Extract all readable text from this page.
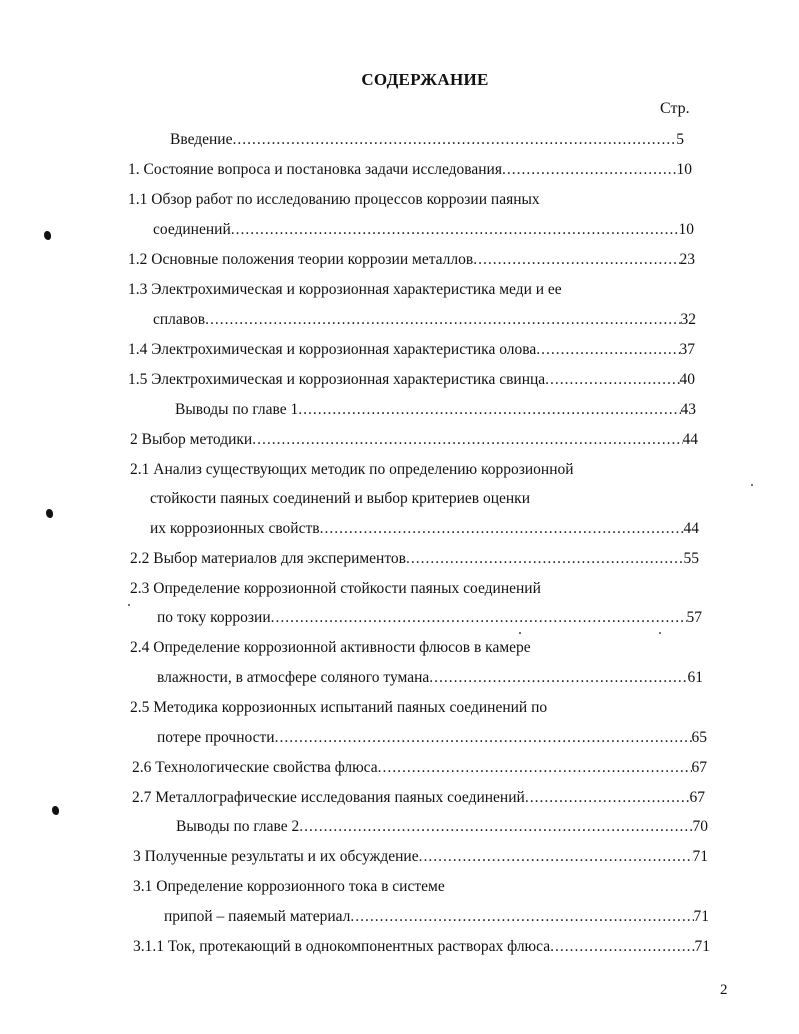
СОДЕРЖАНИЕ
Стр.
Введение .....	5
1. Состояние вопроса и постановка задачи исследования .....	10
1.1 Обзор работ по исследованию процессов коррозии паяных
соединений .....	10
1.2 Основные положения теории коррозии металлов .....	23
1.3 Электрохимическая и коррозионная характеристика меди и ее
сплавов .....	32
1.4 Электрохимическая и коррозионная характеристика олова .....	37
1.5 Электрохимическая и коррозионная характеристика свинца .....	40
Выводы по главе 1 .....	43
2 Выбор методики .....	44
2.1 Анализ существующих методик по определению коррозионной
стойкости паяных соединений и выбор критериев оценки
их коррозионных свойств .....	44
2.2 Выбор материалов для экспериментов .....	55
2.3 Определение коррозионной стойкости паяных соединений
по току коррозии .....	57
2.4 Определение коррозионной активности флюсов в камере
влажности, в атмосфере соляного тумана .....	61
2.5 Методика коррозионных испытаний паяных соединений по
потере прочности .....	65
2.6 Технологические свойства флюса .....	67
2.7 Металлографические исследования паяных соединений .....	67
Выводы по главе 2 .....	70
3 Полученные результаты и их обсуждение .....	71
3.1 Определение коррозионного тока в системе
припой – паяемый материал .....	71
3.1.1 Ток, протекающий в однокомпонентных растворах флюса .....	71
2
